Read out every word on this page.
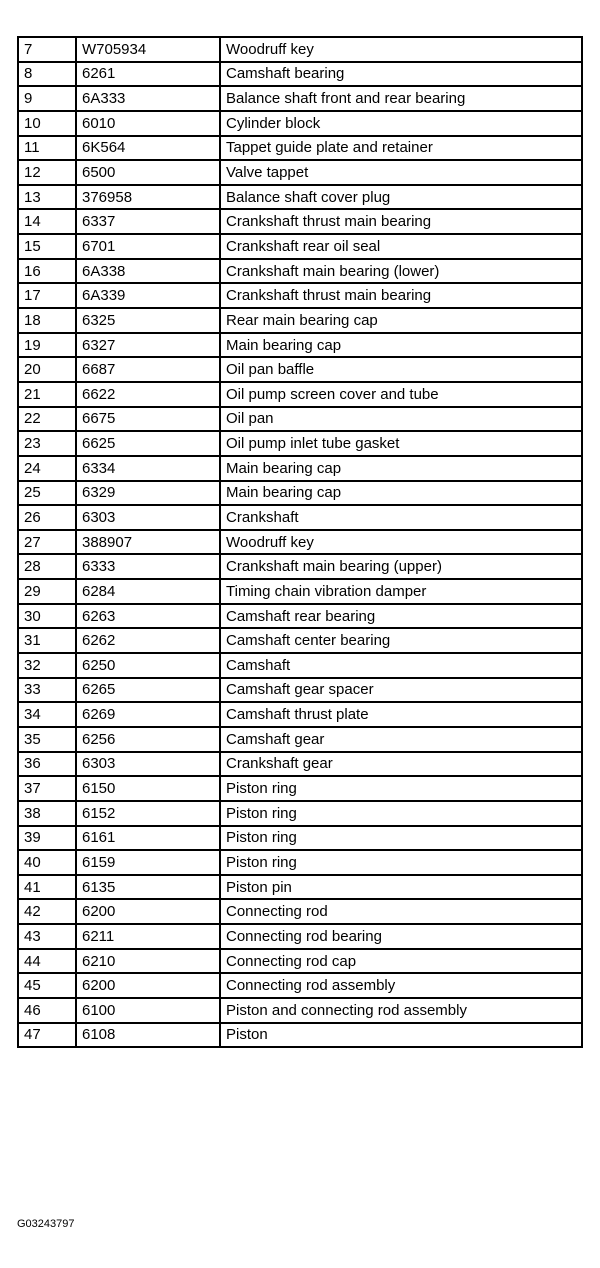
7	W705934	Woodruff key
8	6261	Camshaft bearing
9	6A333	Balance shaft front and rear bearing
10	6010	Cylinder block
11	6K564	Tappet guide plate and retainer
12	6500	Valve tappet
13	376958	Balance shaft cover plug
14	6337	Crankshaft thrust main bearing
15	6701	Crankshaft rear oil seal
16	6A338	Crankshaft main bearing (lower)
17	6A339	Crankshaft thrust main bearing
18	6325	Rear main bearing cap
19	6327	Main bearing cap
20	6687	Oil pan baffle
21	6622	Oil pump screen cover and tube
22	6675	Oil pan
23	6625	Oil pump inlet tube gasket
24	6334	Main bearing cap
25	6329	Main bearing cap
26	6303	Crankshaft
27	388907	Woodruff key
28	6333	Crankshaft main bearing (upper)
29	6284	Timing chain vibration damper
30	6263	Camshaft rear bearing
31	6262	Camshaft center bearing
32	6250	Camshaft
33	6265	Camshaft gear spacer
34	6269	Camshaft thrust plate
35	6256	Camshaft gear
36	6303	Crankshaft gear
37	6150	Piston ring
38	6152	Piston ring
39	6161	Piston ring
40	6159	Piston ring
41	6135	Piston pin
42	6200	Connecting rod
43	6211	Connecting rod bearing
44	6210	Connecting rod cap
45	6200	Connecting rod assembly
46	6100	Piston and connecting rod assembly
47	6108	Piston
G03243797
